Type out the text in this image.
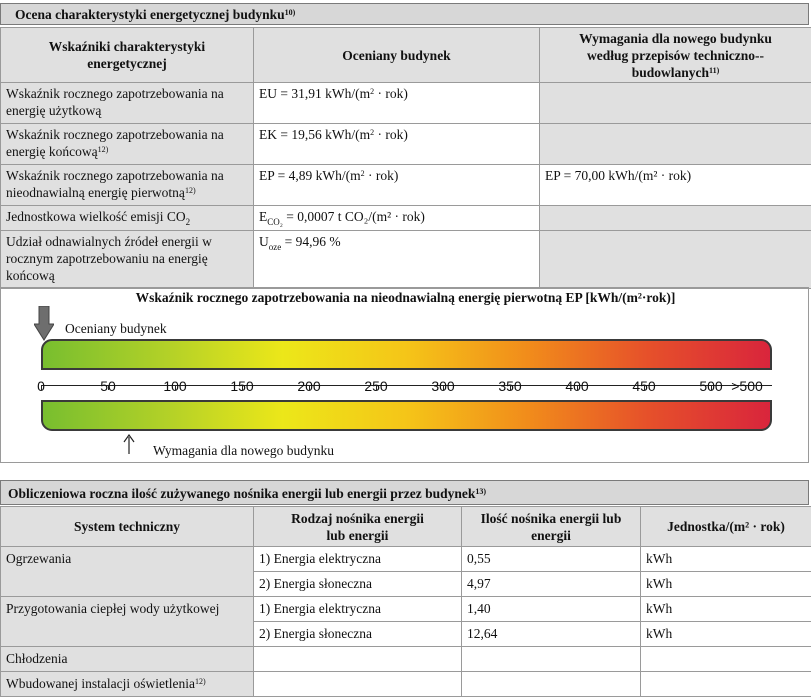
Ocena charakterystyki energetycznej budynku$^{10)}$
Wskaźniki charakterystyki energetycznej	Oceniany budynek	Wymagania dla nowego budynku według przepisów techniczno--budowlanych$^{11)}$
Wskaźnik rocznego zapotrzebowania na energię użytkową	EU = 31,91 kWh/$(m^2 \cdot rok)$	
Wskaźnik rocznego zapotrzebowania na energię końcową$^{12)}$	EK = 19,56 kWh/$(m^2 \cdot rok)$	
Wskaźnik rocznego zapotrzebowania na nieodnawialną energię pierwotną$^{12)}$	EP = 4,89 kWh/$(m^2 \cdot rok)$	EP = 70,00 kWh/(m² · rok)
Jednostkowa wielkość emisji $CO_2$	$E_{CO_2} = 0,0007$ t CO₂/(m² · rok)	
Udział odnawialnych źródeł energii w rocznym zapotrzebowaniu na energię końcową	$U_{oze} = 94,96$ %	
Wskaźnik rocznego zapotrzebowania na nieodnawialną energię pierwotną EP [kWh/(m²·rok)]
Oceniany budynek
0	50	100	150	200	250	300	350	400	450	500 >500
Wymagania dla nowego budynku
Obliczeniowa roczna ilość zużywanego nośnika energii lub energii przez budynek$^{13)}$
System techniczny	Rodzaj nośnika energii lub energii	Ilość nośnika energii lub energii	Jednostka/(m² · rok)
Ogrzewania	1) Energia elektryczna	0,55	kWh
	2) Energia słoneczna	4,97	kWh
Przygotowania ciepłej wody użytkowej	1) Energia elektryczna	1,40	kWh
	2) Energia słoneczna	12,64	kWh
Chłodzenia			
Wbudowanej instalacji oświetlenia$^{12)}$			
